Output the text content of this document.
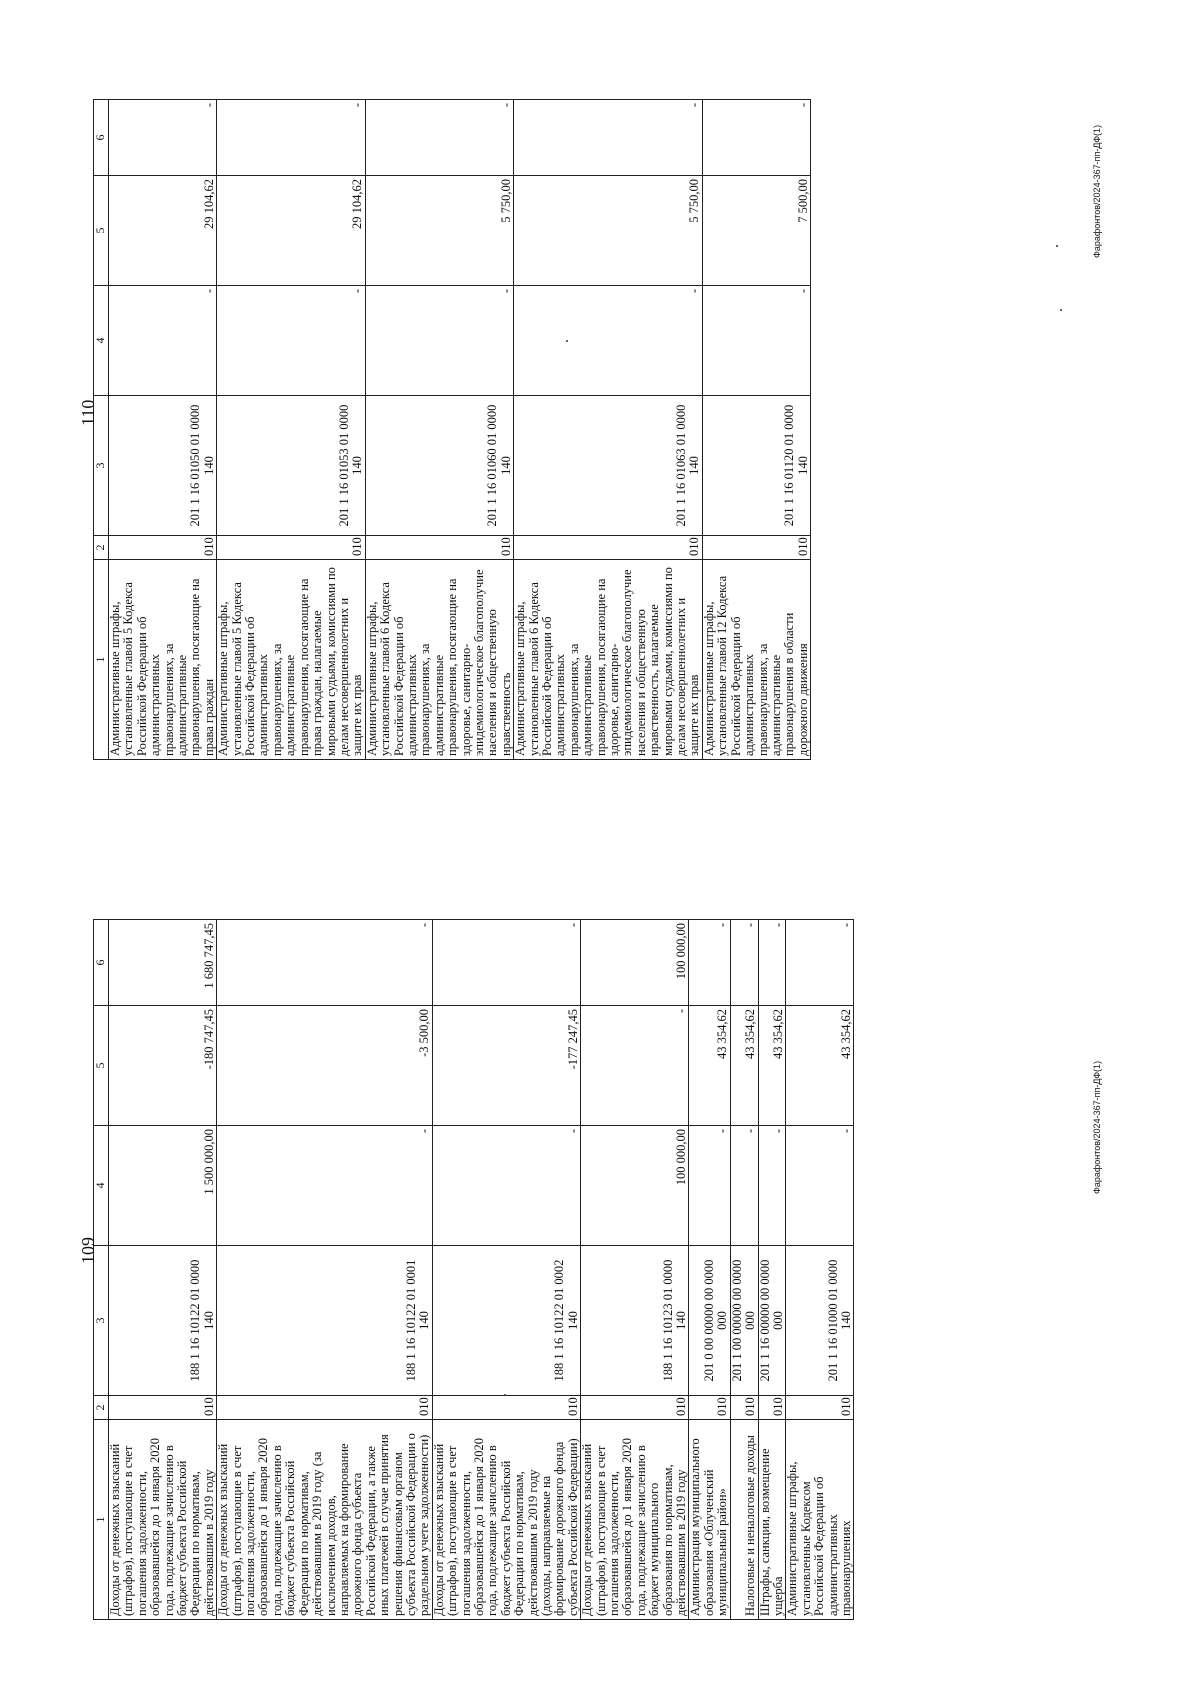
1	2	3	4	5	6
Доходы от денежных взысканий (штрафов), поступающие в счет погашения задолженности, образовавшейся до 1 января 2020 года, подлежащие зачислению в бюджет субъекта Российской Федерации по нормативам, действовавшим в 2019 году	010	188 1 16 10122 01 0000 140	1 500 000,00	-180 747,45	1 680 747,45
Доходы от денежных взысканий (штрафов), поступающие в счет погашения задолженности, образовавшейся до 1 января 2020 года, подлежащие зачислению в бюджет субъекта Российской Федерации по нормативам, действовавшим в 2019 году (за исключением доходов, направляемых на формирование дорожного фонда субъекта Российской Федерации, а также иных платежей в случае принятия решения финансовым органом субъекта Российской Федерации о раздельном учете задолженности)	010	188 1 16 10122 01 0001 140	-	-3 500,00	-
Доходы от денежных взысканий (штрафов), поступающие в счет погашения задолженности, образовавшейся до 1 января 2020 года, подлежащие зачислению в бюджет субъекта Российской Федерации по нормативам, действовавшим в 2019 году (доходы, направляемые на формирование дорожного фонда субъекта Российской Федерации)	010	188 1 16 10122 01 0002 140	-	-177 247,45	-
Доходы от денежных взысканий (штрафов), поступающие в счет погашения задолженности, образовавшейся до 1 января 2020 года, подлежащие зачислению в бюджет муниципального образования по нормативам, действовавшим в 2019 году	010	188 1 16 10123 01 0000 140	100 000,00	-	100 000,00
Администрация муниципального образования «Облученский муниципальный район»	010	201 0 00 00000 00 0000 000	-	43 354,62	-
Налоговые и неналоговые доходы	010	201 1 00 00000 00 0000 000	-	43 354,62	-
Штрафы, санкции, возмещение ущерба	010	201 1 16 00000 00 0000 000	-	43 354,62	-
Административные штрафы, установленные Кодексом Российской Федерации об административных правонарушениях	010	201 1 16 01000 01 0000 140	-	43 354,62	-
1	2	3	4	5	6
Административные штрафы, установленные главой 5 Кодекса Российской Федерации об административных правонарушениях, за административные правонарушения, посягающие на права граждан	010	201 1 16 01050 01 0000 140	-	29 104,62	-
Административные штрафы, установленные главой 5 Кодекса Российской Федерации об административных правонарушениях, за административные правонарушения, посягающие на права граждан, налагаемые мировыми судьями, комиссиями по делам несовершеннолетних и защите их прав	010	201 1 16 01053 01 0000 140	-	29 104,62	-
Административные штрафы, установленные главой 6 Кодекса Российской Федерации об административных правонарушениях, за административные правонарушения, посягающие на здоровье, санитарно-эпидемиологическое благополучие населения и общественную нравственность	010	201 1 16 01060 01 0000 140	-	5 750,00	-
Административные штрафы, установленные главой 6 Кодекса Российской Федерации об административных правонарушениях, за административные правонарушения, посягающие на здоровье, санитарно-эпидемиологическое благополучие населения и общественную нравственность, налагаемые мировыми судьями, комиссиями по делам несовершеннолетних и защите их прав	010	201 1 16 01063 01 0000 140	-	5 750,00	-
Административные штрафы, установленные главой 12 Кодекса Российской Федерации об административных правонарушениях, за административные правонарушения в области дорожного движения	010	201 1 16 01120 01 0000 140	-	7 500,00	-
109
110
Фарафонтов/2024-367-пп-ДФ(1)
Фарафонтов/2024-367-пп-ДФ(1)
